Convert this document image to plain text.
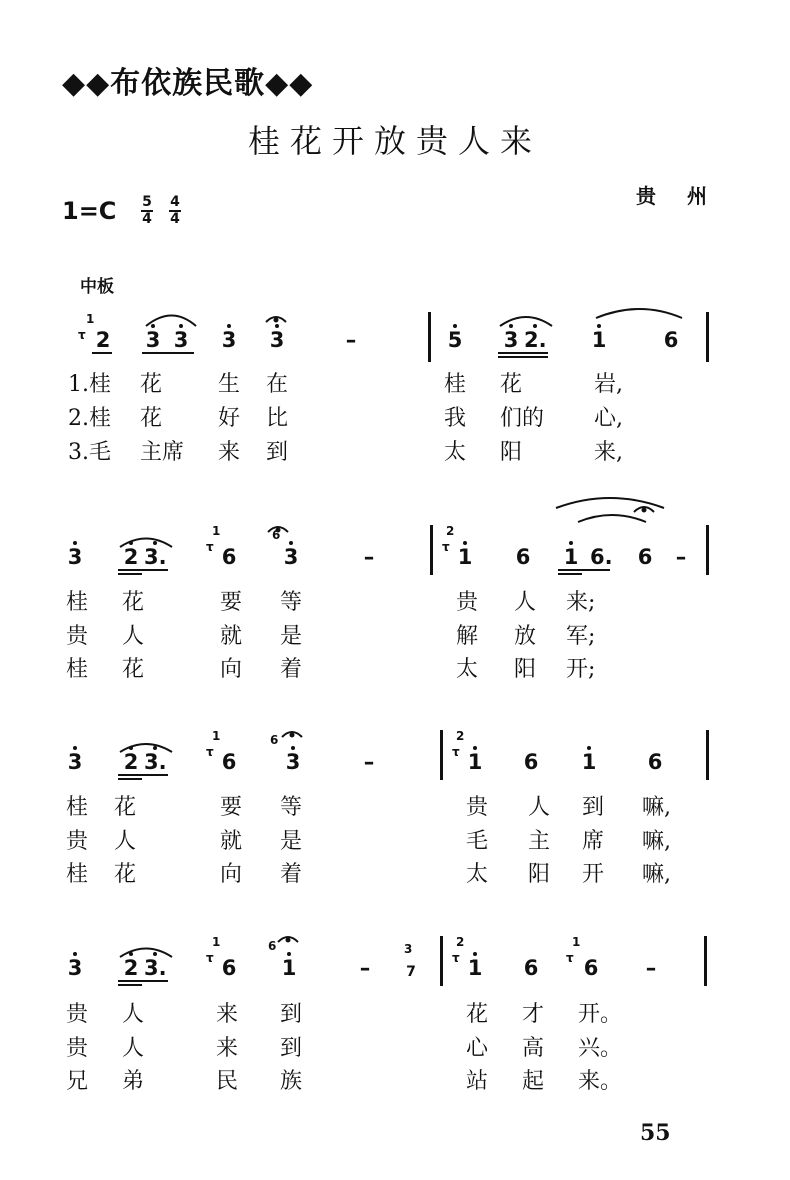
◆◆布依族民歌◆◆
桂花开放贵人来
贵 州
1=C 5
4
4
4
中板
1
τ 2 3 3 3 3	–	5 3 2. 1	6
1.桂 花	生 在	桂 花	岩,
2.桂 花	好 比	我 们的 心,
3.毛 主席 来 到	太 阳	来,
3 2 3.
1
τ 6
6
3	–
2
τ 1 6 1 6. 6 –
桂 花	要 等	贵 人 来;
贵 人	就 是	解 放 军;
桂 花	向 着	太 阳 开;
3 2 3.
1
τ 6
6
3	–
2
τ 1 6 1 6
桂 花	要 等	贵 人 到 嘛,
贵 人	就 是	毛 主 席 嘛,
桂 花	向 着	太 阳 开 嘛,
3 2 3.
1
τ 6
6
1	–
3
7
2
τ 1 6
1
τ 6 –
贵 人	来 到	花 才 开。
贵 人	来 到	心 高 兴。
兄 弟	民 族	站 起 来。
55
